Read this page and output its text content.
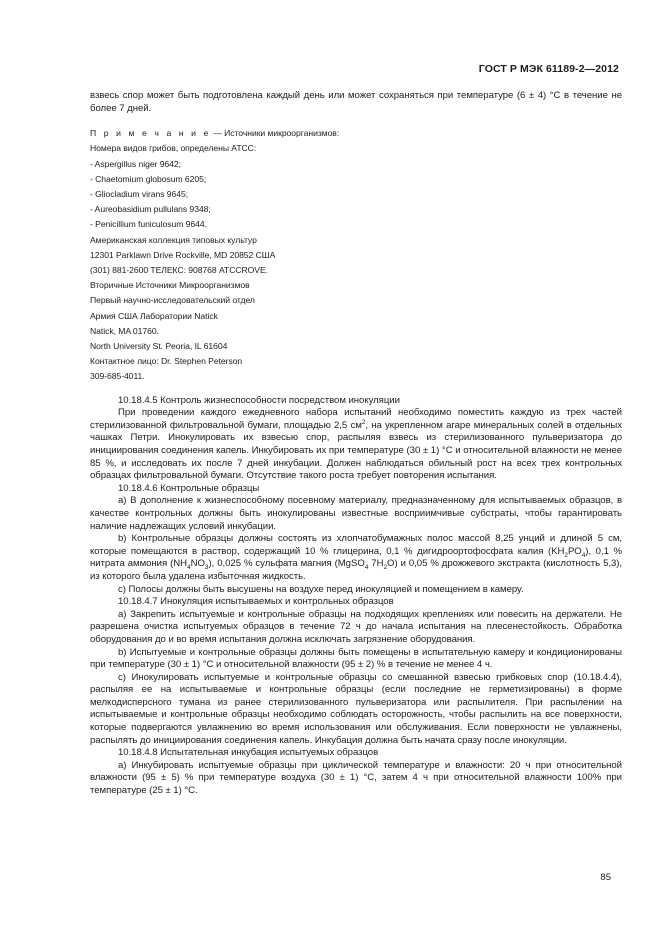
ГОСТ Р МЭК 61189-2—2012

взвесь спор может быть подготовлена каждый день или может сохраняться при температуре (6 ± 4) °С в течение не более 7 дней.

П р и м е ч а н и е — Источники микроорганизмов:
Номера видов грибов, определены АТСС:
- Aspergillus niger 9642;
- Chaetomium globosum 6205;
- Gliocladium virans 9645;
- Aureobasidium pullulans 9348;
- Penicillium funiculosum 9644.
Американская коллекция типовых культур
12301 Parklawn Drive Rockville, MD 20852 США
(301) 881-2600 ТЕЛЕКС: 908768 ATCCROVE.
Вторичные Источники Микроорганизмов
Первый научно-исследовательский отдел
Армия США Лаборатории Natick
Natick, MA 01760.
North University St. Peoria, IL 61604
Контактное лицо: Dr. Stephen Peterson
309-685-4011.

10.18.4.5 Контроль жизнеспособности посредством инокуляции

При проведении каждого ежедневного набора испытаний необходимо поместить каждую из трех частей стерилизованной фильтровальной бумаги, площадью 2,5 $см^2$, на укрепленном агаре минеральных солей в отдельных чашках Петри. Инокулировать их взвесью спор, распыляя взвесь из стерилизованного пульверизатора до инициирования соединения капель. Инкубировать их при температуре (30 ± 1) °С и относительной влажности не менее 85 %, и исследовать их после 7 дней инкубации. Должен наблюдаться обильный рост на всех трех контрольных образцах фильтровальной бумаги. Отсутствие такого роста требует повторения испытания.

10.18.4.6 Контрольные образцы

а) В дополнение к жизнеспособному посевному материалу, предназначенному для испытываемых образцов, в качестве контрольных должны быть инокулированы известные восприимчивые субстраты, чтобы гарантировать наличие надлежащих условий инкубации.

b) Контрольные образцы должны состоять из хлопчатобумажных полос массой 8,25 унций и длиной 5 см, которые помещаются в раствор, содержащий 10 % глицерина, 0,1 % дигидроортофосфата калия $(KH_2PO_4)$, 0,1 % нитрата аммония $(NH_4NO_3)$, 0,025 % сульфата магния (MgSO$_4$ $7H_2O$) и 0,05 % дрожжевого экстракта (кислотность 5,3), из которого была удалена избыточная жидкость.

с) Полосы должны быть высушены на воздухе перед инокуляцией и помещением в камеру.

10.18.4.7 Инокуляция испытываемых и контрольных образцов

а) Закрепить испытуемые и контрольные образцы на подходящих креплениях или повесить на держатели. Не разрешена очистка испытуемых образцов в течение 72 ч до начала испытания на плесенестойкость. Обработка оборудования до и во время испытания должна исключать загрязнение оборудования.

b) Испытуемые и контрольные образцы должны быть помещены в испытательную камеру и кондиционированы при температуре (30 ± 1) °С и относительной влажности (95 ± 2) % в течение не менее 4 ч.

с) Инокулировать испытуемые и контрольные образцы со смешанной взвесью грибковых спор (10.18.4.4), распыляя ее на испытываемые и контрольные образцы (если последние не герметизированы) в форме мелкодисперсного тумана из ранее стерилизованного пульверизатора или распылителя. При распылении на испытываемые и контрольные образцы необходимо соблюдать осторожность, чтобы распылить на все поверхности, которые подвергаются увлажнению во время использования или обслуживания. Если поверхности не увлажнены, распылять до инициирования соединения капель. Инкубация должна быть начата сразу после инокуляции.

10.18.4.8 Испытательная инкубация испытуемых образцов

а) Инкубировать испытуемые образцы при циклической температуре и влажности: 20 ч при относительной влажности (95 ± 5) % при температуре воздуха (30 ± 1) °С, затем 4 ч при относительной влажности 100% при температуре (25 ± 1) °С.

85
